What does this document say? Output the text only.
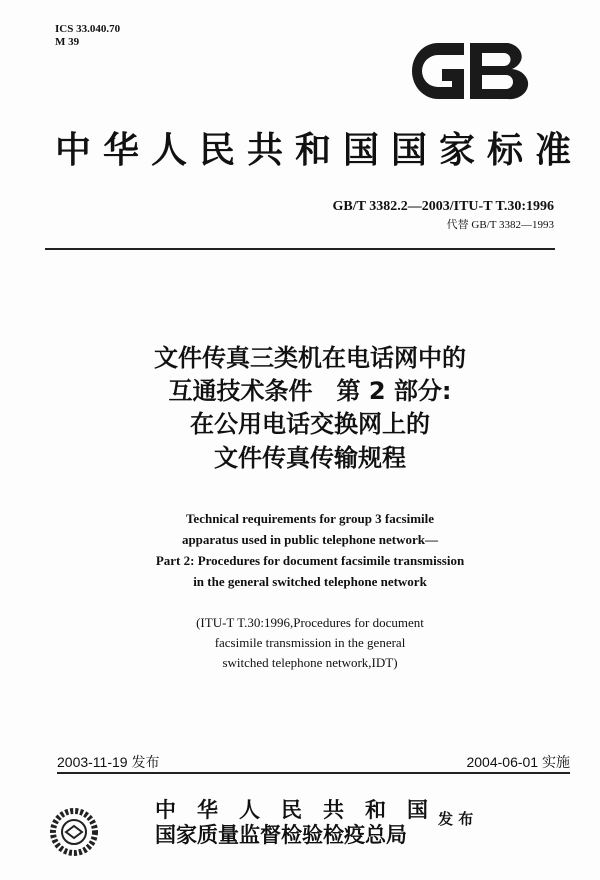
ICS 33.040.70
M 39
中华人民共和国国家标准
GB/T 3382.2—2003/ITU-T T.30:1996
代替 GB/T 3382—1993
文件传真三类机在电话网中的
互通技术条件　第 2 部分:
在公用电话交换网上的
文件传真传输规程
Technical requirements for group 3 facsimile
apparatus used in public telephone network—
Part 2: Procedures for document facsimile transmission
in the general switched telephone network
(ITU-T T.30:1996,Procedures for document
facsimile transmission in the general
switched telephone network,IDT)
2003-11-19 发布	2004-06-01 实施
中　华　人　民　共　和　国
国家质量监督检验检疫总局
发 布
